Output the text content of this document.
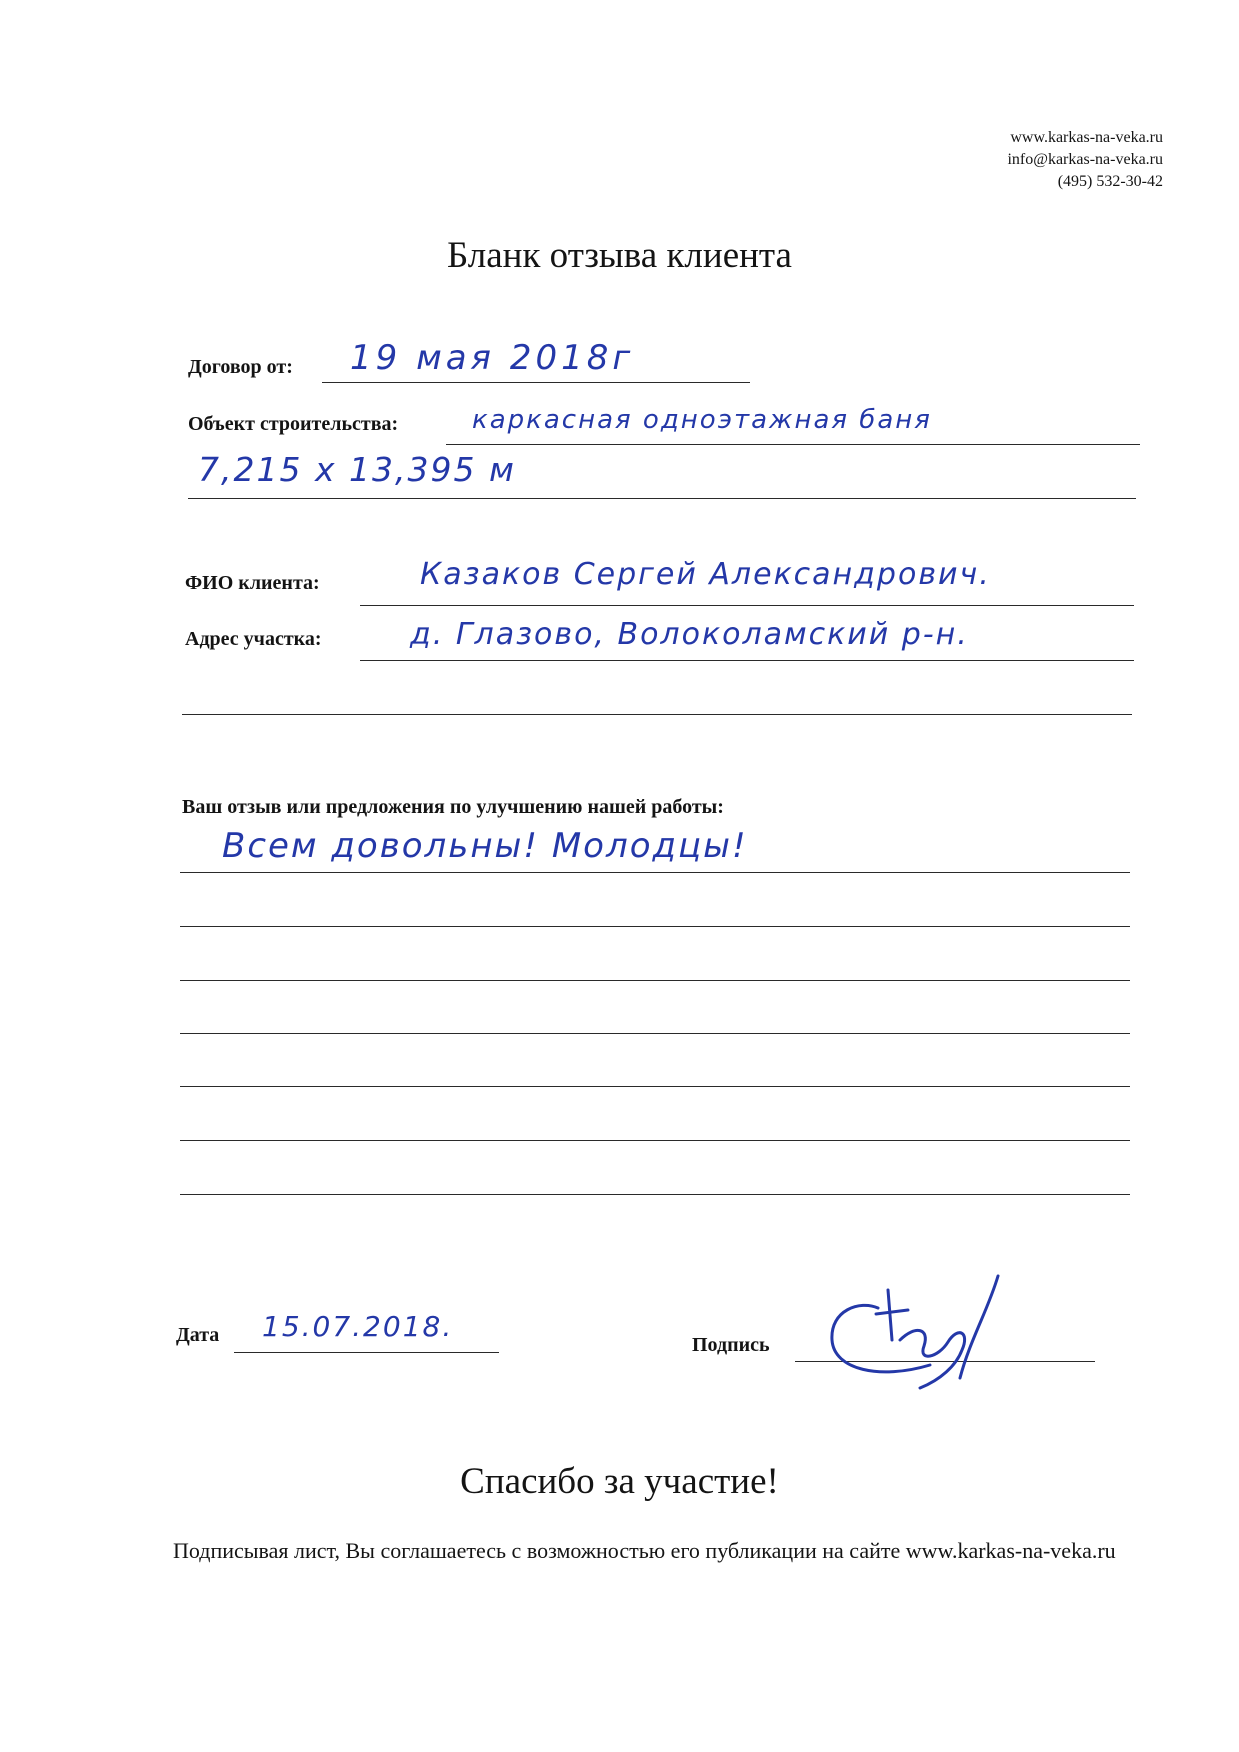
www.karkas-na-veka.ru
info@karkas-na-veka.ru
(495) 532-30-42
Бланк отзыва клиента
Договор от: 19 мая 2018г
Объект строительства:	каркасная одноэтажная баня
7,215 x 13,395 м
ФИО клиента:	Казаков Сергей Александрович.
Адрес участка:	д. Глазово, Волоколамский р-н.
Ваш отзыв или предложения по улучшению нашей работы:
Всем довольны! Молодцы!
Дата 15.07.2018.
Подпись
Спасибо за участие!
Подписывая лист, Вы соглашаетесь с возможностью его публикации на сайте www.karkas-na-veka.ru
